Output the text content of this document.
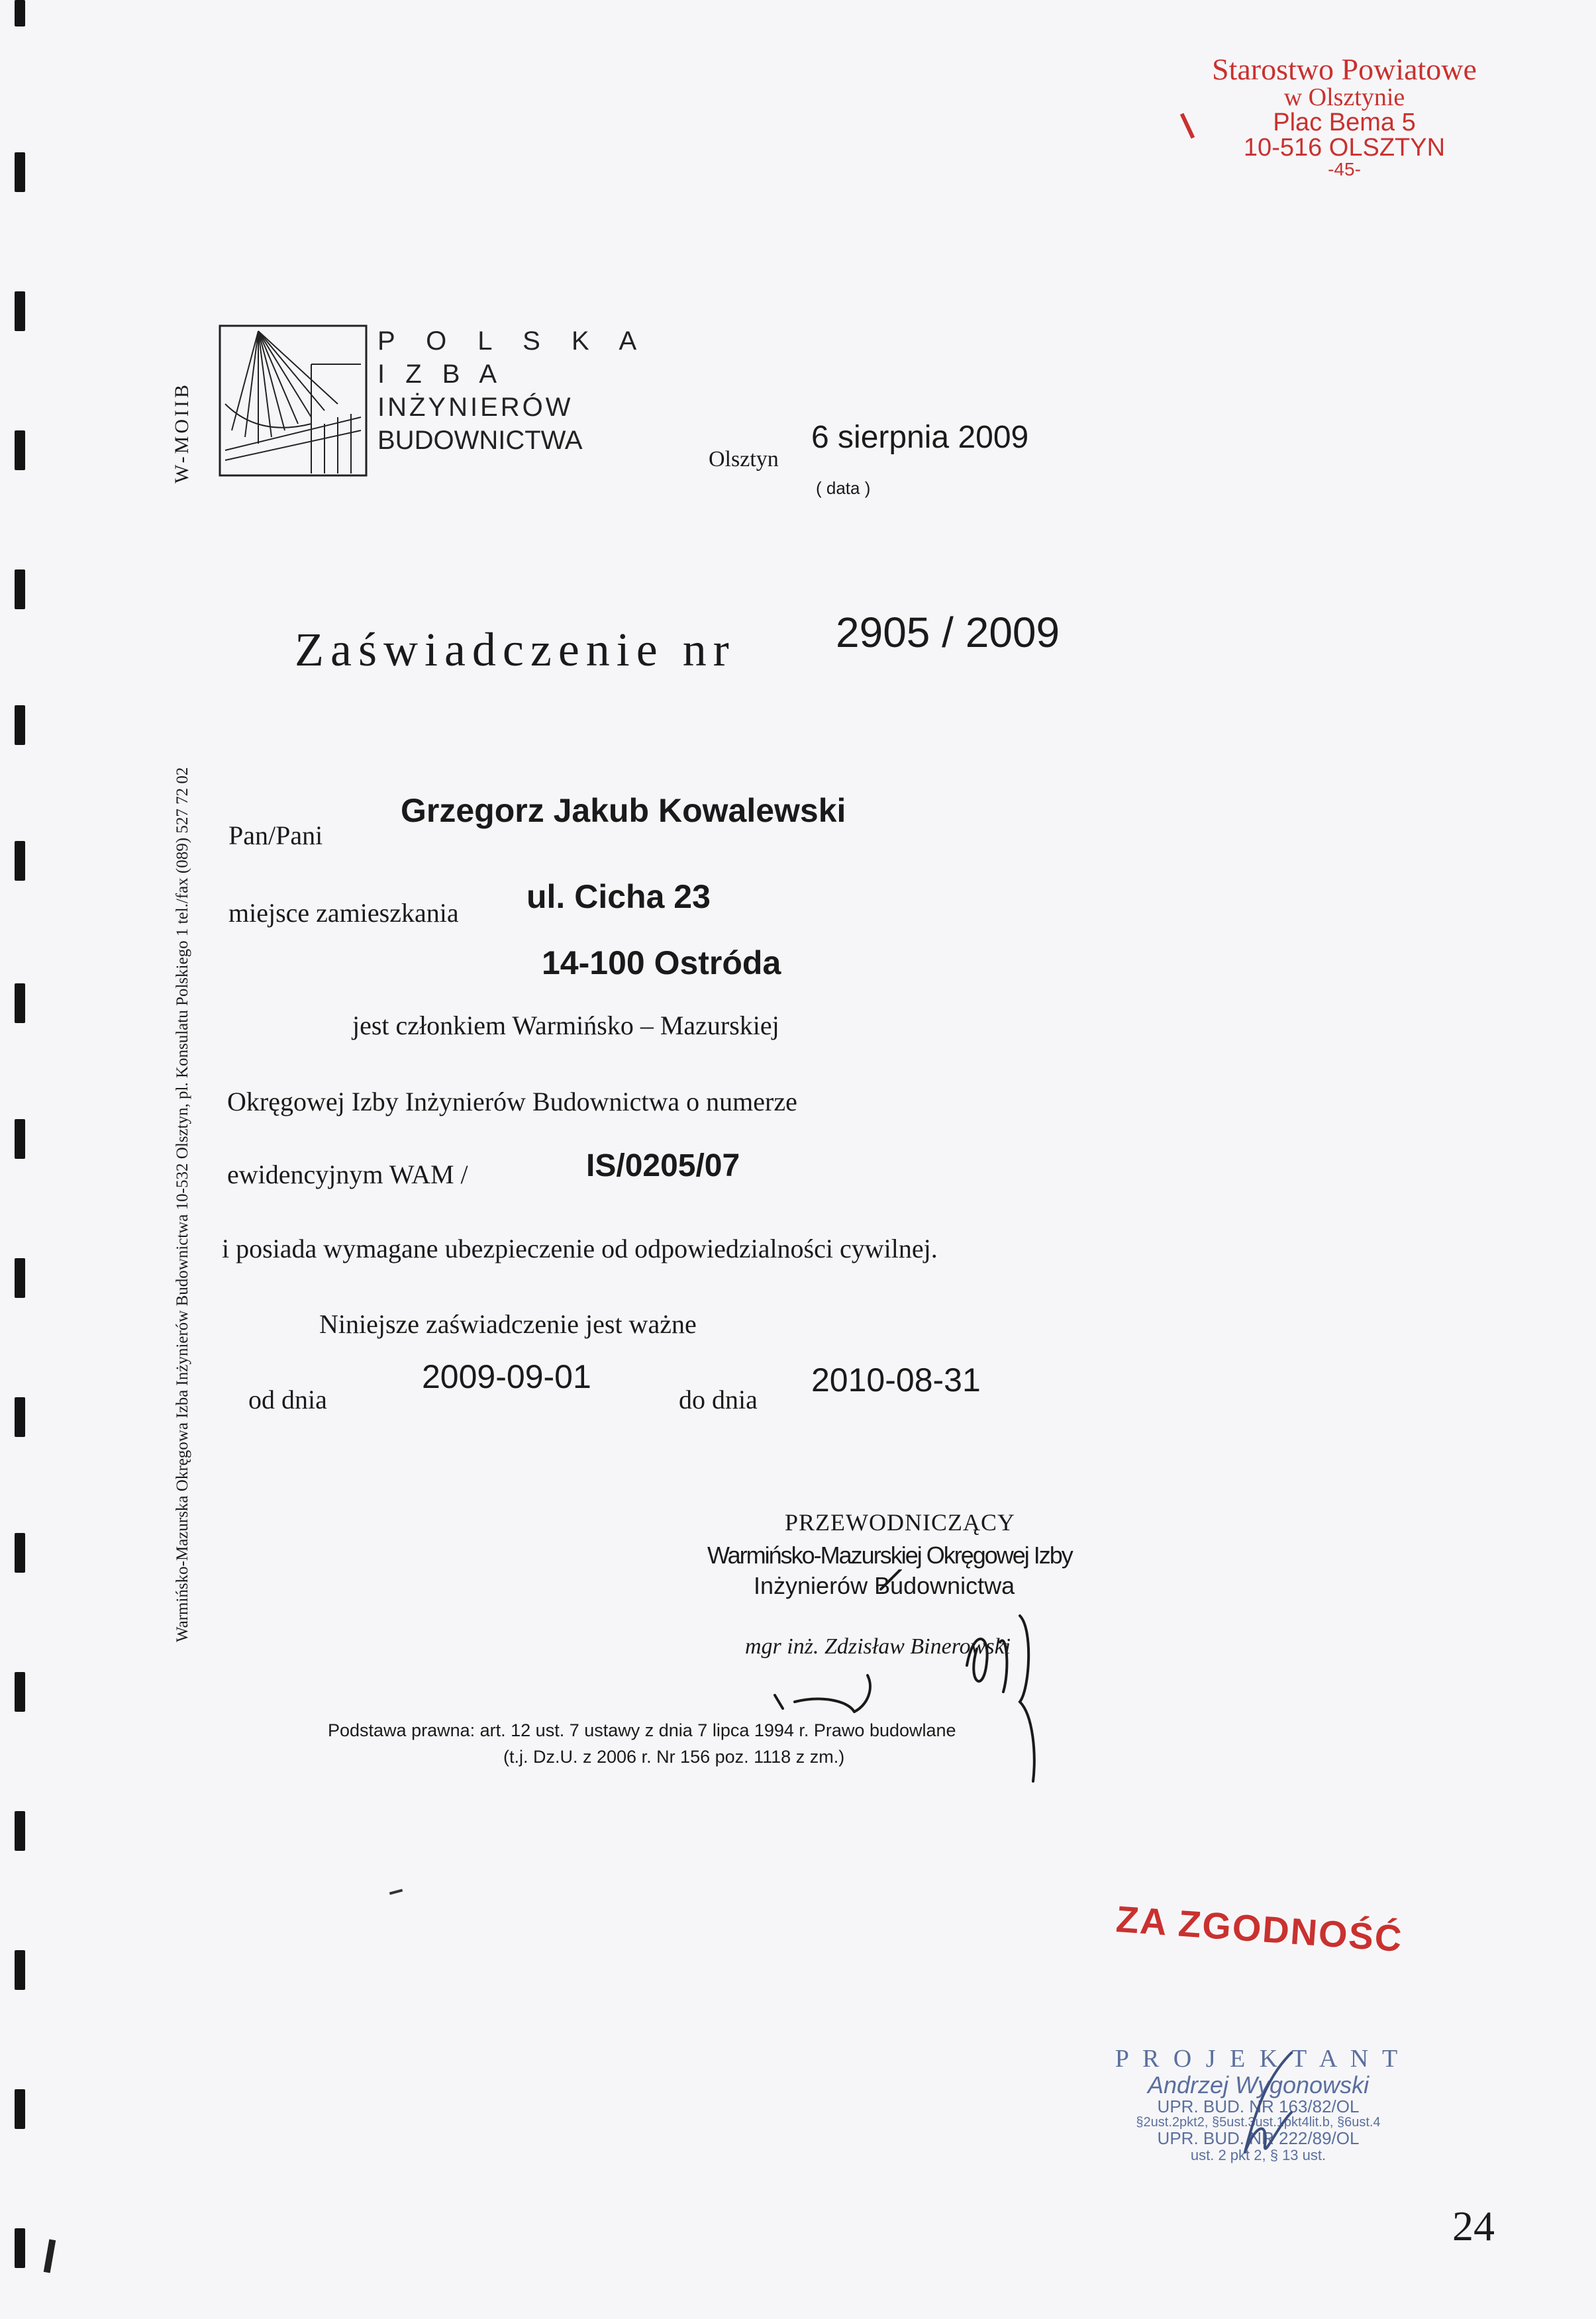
Starostwo Powiatowe
w Olsztynie
Plac Bema 5
10-516 OLSZTYN
-45-
W-MOIIB
P O L S K A
I Z B A
INŻYNIERÓW
BUDOWNICTWA
Olsztyn
6 sierpnia 2009
( data )
Warmińsko-Mazurska Okręgowa Izba Inżynierów Budownictwa 10-532 Olsztyn, pl. Konsulatu Polskiego 1 tel./fax (089) 527 72 02
Zaświadczenie nr 2905 / 2009
Pan/Pani
Grzegorz Jakub Kowalewski
miejsce zamieszkania ul. Cicha 23
14-100 Ostróda
jest członkiem Warmińsko – Mazurskiej
Okręgowej Izby Inżynierów Budownictwa o numerze
ewidencyjnym WAM /	IS/0205/07
i posiada wymagane ubezpieczenie od odpowiedzialności cywilnej.
Niniejsze zaświadczenie jest ważne
od dnia
2009-09-01
do dnia
2010-08-31
PRZEWODNICZĄCY
Warmińsko-Mazurskiej Okręgowej Izby
Inżynierów Budownictwa
mgr inż. Zdzisław Binerowski
Podstawa prawna: art. 12 ust. 7 ustawy z dnia 7 lipca 1994 r. Prawo budowlane
(t.j. Dz.U. z 2006 r. Nr 156 poz. 1118 z zm.)
ZA ZGODNOŚĆ
P R O J E K T A N T
Andrzej Wygonowski
UPR. BUD. NR 163/82/OL
§2ust.2pkt2, §5ust.3ust.1pkt4lit.b, §6ust.4
UPR. BUD. NR 222/89/OL
ust. 2 pkt 2, § 13 ust.
24
